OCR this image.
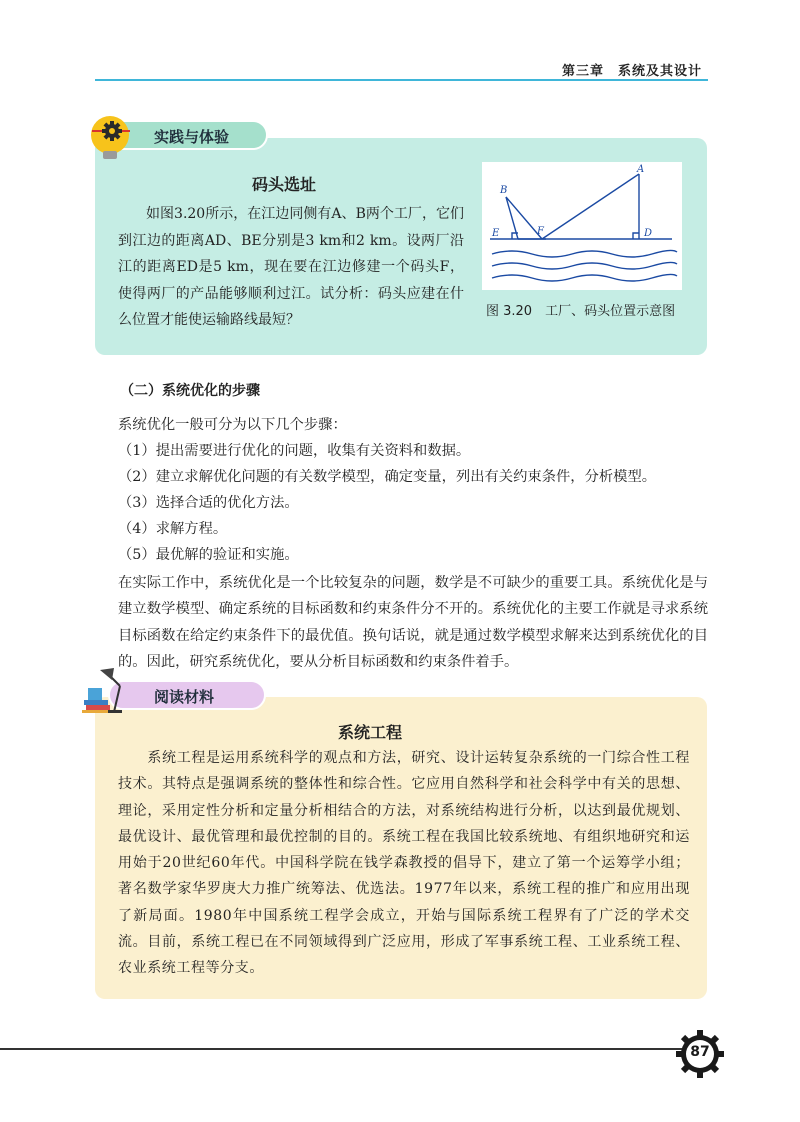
第三章　系统及其设计
实践与体验
码头选址
如图3.20所示，在江边同侧有A、B两个工厂，它们到江边的距离AD、BE分别是3 km和2 km。设两厂沿江的距离ED是5 km，现在要在江边修建一个码头F，使得两厂的产品能够顺利过江。试分析：码头应建在什么位置才能使运输路线最短？
A
B
D
E	F
图 3.20　工厂、码头位置示意图
（二）系统优化的步骤
系统优化一般可分为以下几个步骤：
（1）提出需要进行优化的问题，收集有关资料和数据。
（2）建立求解优化问题的有关数学模型，确定变量，列出有关约束条件，分析模型。
（3）选择合适的优化方法。
（4）求解方程。
（5）最优解的验证和实施。
在实际工作中，系统优化是一个比较复杂的问题，数学是不可缺少的重要工具。系统优化是与建立数学模型、确定系统的目标函数和约束条件分不开的。系统优化的主要工作就是寻求系统目标函数在给定约束条件下的最优值。换句话说，就是通过数学模型求解来达到系统优化的目的。因此，研究系统优化，要从分析目标函数和约束条件着手。
阅读材料
系统工程
系统工程是运用系统科学的观点和方法，研究、设计运转复杂系统的一门综合性工程技术。其特点是强调系统的整体性和综合性。它应用自然科学和社会科学中有关的思想、理论，采用定性分析和定量分析相结合的方法，对系统结构进行分析，以达到最优规划、最优设计、最优管理和最优控制的目的。系统工程在我国比较系统地、有组织地研究和运用始于20世纪60年代。中国科学院在钱学森教授的倡导下，建立了第一个运筹学小组；著名数学家华罗庚大力推广统筹法、优选法。1977年以来，系统工程的推广和应用出现了新局面。1980年中国系统工程学会成立，开始与国际系统工程界有了广泛的学术交流。目前，系统工程已在不同领域得到广泛应用，形成了军事系统工程、工业系统工程、农业系统工程等分支。
87
